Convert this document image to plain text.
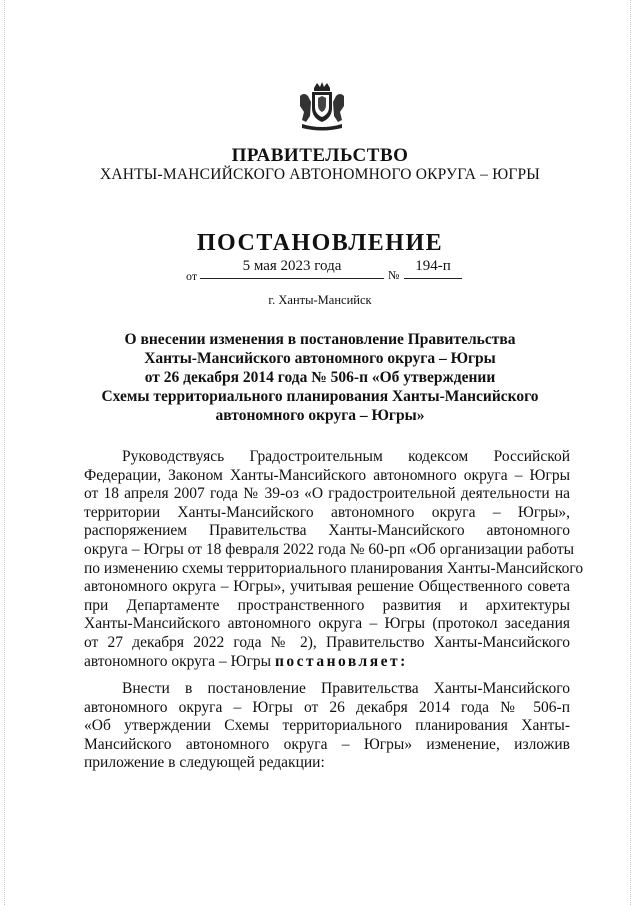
ПРАВИТЕЛЬСТВО
ХАНТЫ-МАНСИЙСКОГО АВТОНОМНОГО ОКРУГА – ЮГРЫ
ПОСТАНОВЛЕНИЕ
от
5 мая 2023 года
№
194-п
г. Ханты-Мансийск
О внесении изменения в постановление Правительства
Ханты-Мансийского автономного округа – Югры
от 26 декабря 2014 года № 506-п «Об утверждении
Схемы территориального планирования Ханты-Мансийского
автономного округа – Югры»
Руководствуясь Градостроительным кодексом Российской
Федерации, Законом Ханты-Мансийского автономного округа – Югры
от 18 апреля 2007 года № 39-оз «О градостроительной деятельности на
территории Ханты-Мансийского автономного округа – Югры»,
распоряжением Правительства Ханты-Мансийского автономного
округа – Югры от 18 февраля 2022 года № 60-рп «Об организации работы
по изменению схемы территориального планирования Ханты-Мансийского
автономного округа – Югры», учитывая решение Общественного совета
при Департаменте пространственного развития и архитектуры
Ханты-Мансийского автономного округа – Югры (протокол заседания
от 27 декабря 2022 года № 2), Правительство Ханты-Мансийского
автономного округа – Югры постановляет:
Внести в постановление Правительства Ханты-Мансийского
автономного округа – Югры от 26 декабря 2014 года № 506-п
«Об утверждении Схемы территориального планирования Ханты-
Мансийского автономного округа – Югры» изменение, изложив
приложение в следующей редакции:
